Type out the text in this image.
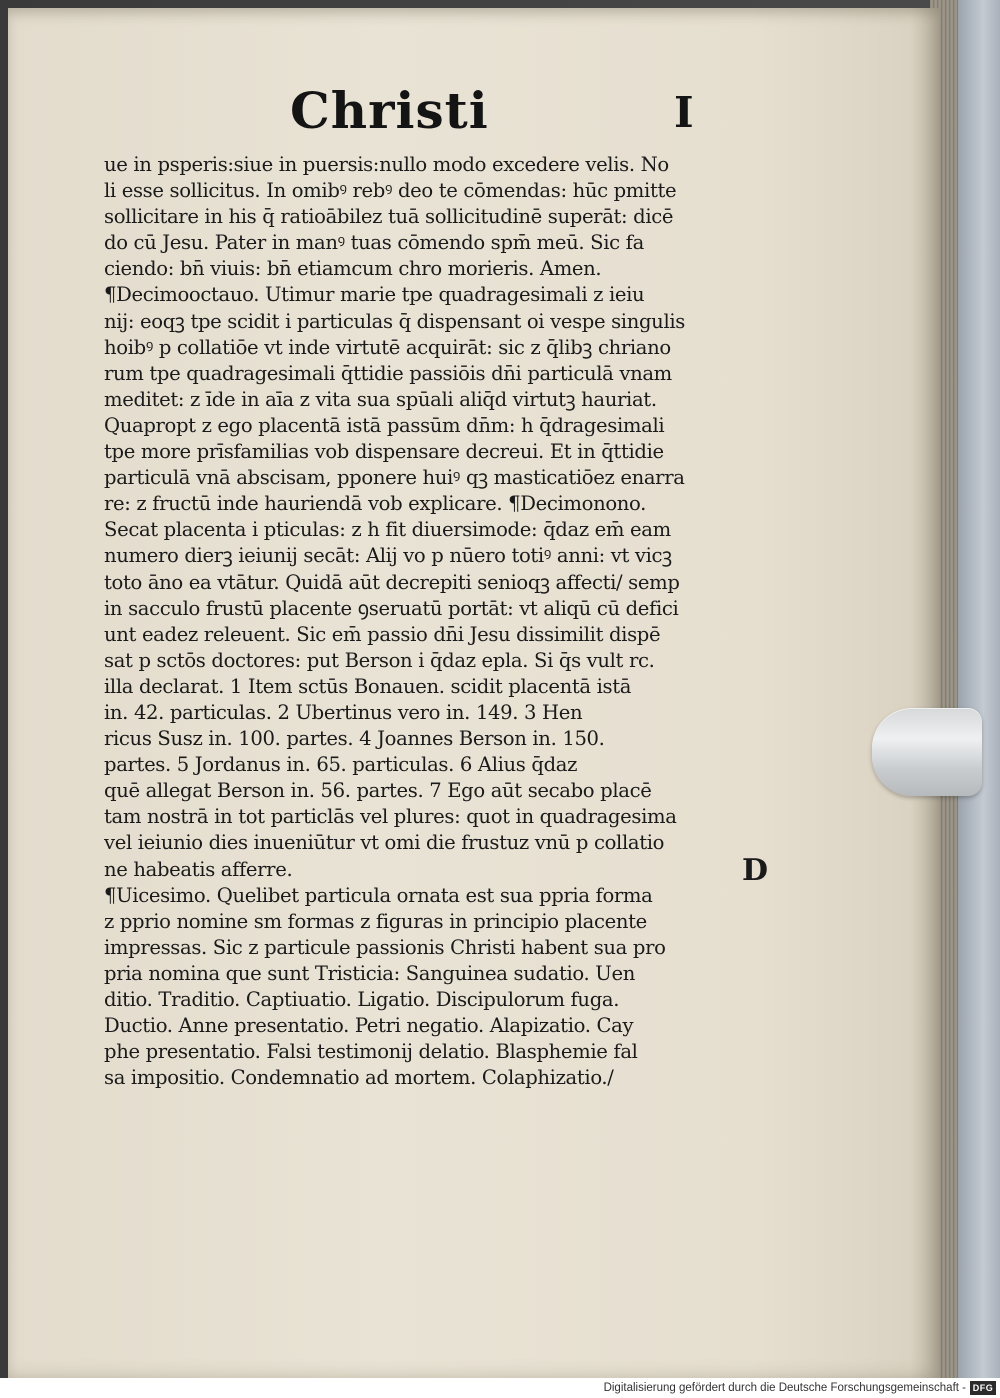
Christi	I
ue in psperis:siue in puersis:nullo modo excedere velis. No
li esse sollicitus. In omibꝰ rebꝰ deo te cōmendas: hūc pmitte
sollicitare in his q̄ ratioābilez tuā sollicitudinē superāt: dicē
do cū Jesu. Pater in manꝰ tuas cōmendo spm̄ meū. Sic fa
ciendo: bn̄ viuis: bn̄ etiamcum chro morieris. Amen.
¶Decimooctauo. Utimur marie tpe quadragesimali z ieiu
nij: eoqꝫ tpe scidit i particulas q̄ dispensant oi vespe singulis
hoibꝰ p collatiōe vt inde virtutē acquirāt: sic z q̄libꝫ chriano
rum tpe quadragesimali q̄ttidie passiōis dn̄i particulā vnam
meditet: z īde in aīa z vita sua spūali aliq̄d virtutꝫ hauriat.
Quapropt z ego placentā istā passūm dn̄m: h q̄dragesimali
tpe more prīsfamilias vob dispensare decreui. Et in q̄ttidie
particulā vnā abscisam, pponere huiꝰ qꝫ masticatiōez enarra
re: z fructū inde hauriendā vob explicare. ¶Decimonono.
Secat placenta i pticulas: z h fit diuersimode: q̄daz em̄ eam
numero dierꝫ ieiunij secāt: Alij vo p nūero totiꝰ anni: vt vicꝫ
toto āno ea vtātur. Quidā aūt decrepiti senioqꝫ affecti/ semp
in sacculo frustū placente ꝯseruatū portāt: vt aliqū cū defici
unt eadez releuent. Sic em̄ passio dn̄i Jesu dissimilit dispē
sat p sctōs doctores: put Berson i q̄daz epla. Si q̄s vult rc.
illa declarat. 1 Item sctūs Bonauen. scidit placentā istā
in. 42. particulas. 2 Ubertinus vero in. 149. 3 Hen
ricus Susz in. 100. partes. 4 Joannes Berson in. 150.
partes. 5 Jordanus in. 65. particulas. 6 Alius q̄daz
quē allegat Berson in. 56. partes. 7 Ego aūt secabo placē
tam nostrā in tot particlās vel plures: quot in quadragesima
vel ieiunio dies inueniūtur vt omi die frustuz vnū p collatio
ne habeatis afferre.
¶Uicesimo. Quelibet particula ornata est sua ppria forma
z pprio nomine sm formas z figuras in principio placente
impressas. Sic z particule passionis Christi habent sua pro
pria nomina que sunt Tristicia: Sanguinea sudatio. Uen
ditio. Traditio. Captiuatio. Ligatio. Discipulorum fuga.
Ductio. Anne presentatio. Petri negatio. Alapizatio. Cay
phe presentatio. Falsi testimonij delatio. Blasphemie fal
sa impositio. Condemnatio ad mortem. Colaphizatio./
D
Digitalisierung gefördert durch die Deutsche Forschungsgemeinschaft - DFG
